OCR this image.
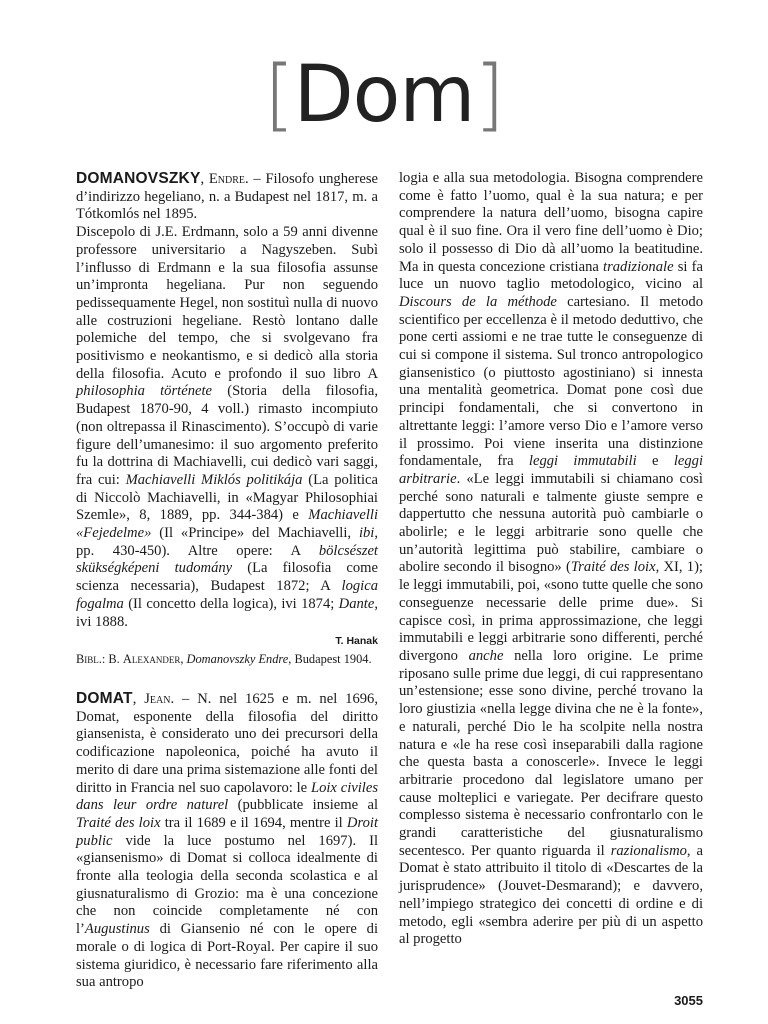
[Dom]

DOMANOVSZKY, Endre. – Filosofo ungherese d’indirizzo hegeliano, n. a Budapest nel 1817, m. a Tótkomlós nel 1895.

Discepolo di J.E. Erdmann, solo a 59 anni divenne professore universitario a Nagyszeben. Subì l’influsso di Erdmann e la sua filosofia assunse un’impronta hegeliana. Pur non seguendo pedissequamente Hegel, non sostituì nulla di nuovo alle costruzioni hegeliane. Restò lontano dalle polemiche del tempo, che si svolgevano fra positivismo e neokantismo, e si dedicò alla storia della filosofia. Acuto e profondo il suo libro A philosophia története (Storia della filosofia, Budapest 1870-90, 4 voll.) rimasto incompiuto (non oltrepassa il Rinascimento). S’occupò di varie figure dell’umanesimo: il suo argomento preferito fu la dottrina di Machiavelli, cui dedicò vari saggi, fra cui: Machiavelli Miklós politikája (La politica di Niccolò Machiavelli, in «Magyar Philosophiai Szemle», 8, 1889, pp. 344-384) e Machiavelli «Fejedelme» (Il «Principe» del Machiavelli, ibi, pp. 430-450). Altre opere: A bölcsészet skükségképeni tudomány (La filosofia come scienza necessaria), Budapest 1872; A logica fogalma (Il concetto della logica), ivi 1874; Dante, ivi 1888.

T. Hanak

Bibl.: B. Alexander, Domanovszky Endre, Budapest 1904.

DOMAT, Jean. – N. nel 1625 e m. nel 1696, Domat, esponente della filosofia del diritto giansenista, è considerato uno dei precursori della codificazione napoleonica, poiché ha avuto il merito di dare una prima sistemazione alle fonti del diritto in Francia nel suo capolavoro: le Loix civiles dans leur ordre naturel (pubblicate insieme al Traité des loix tra il 1689 e il 1694, mentre il Droit public vide la luce postumo nel 1697). Il «giansenismo» di Domat si colloca idealmente di fronte alla teologia della seconda scolastica e al giusnaturalismo di Grozio: ma è una concezione che non coincide completamente né con l’Augustinus di Giansenio né con le opere di morale o di logica di Port-Royal. Per capire il suo sistema giuridico, è necessario fare riferimento alla sua antropo

logia e alla sua metodologia. Bisogna comprendere come è fatto l’uomo, qual è la sua natura; e per comprendere la natura dell’uomo, bisogna capire qual è il suo fine. Ora il vero fine dell’uomo è Dio; solo il possesso di Dio dà all’uomo la beatitudine. Ma in questa concezione cristiana tradizionale si fa luce un nuovo taglio metodologico, vicino al Discours de la méthode cartesiano. Il metodo scientifico per eccellenza è il metodo deduttivo, che pone certi assiomi e ne trae tutte le conseguenze di cui si compone il sistema. Sul tronco antropologico giansenistico (o piuttosto agostiniano) si innesta una mentalità geometrica. Domat pone così due principi fondamentali, che si convertono in altrettante leggi: l’amore verso Dio e l’amore verso il prossimo. Poi viene inserita una distinzione fondamentale, fra leggi immutabili e leggi arbitrarie. «Le leggi immutabili si chiamano così perché sono naturali e talmente giuste sempre e dappertutto che nessuna autorità può cambiarle o abolirle; e le leggi arbitrarie sono quelle che un’autorità legittima può stabilire, cambiare o abolire secondo il bisogno» (Traité des loix, XI, 1); le leggi immutabili, poi, «sono tutte quelle che sono conseguenze necessarie delle prime due». Si capisce così, in prima approssimazione, che leggi immutabili e leggi arbitrarie sono differenti, perché divergono anche nella loro origine. Le prime riposano sulle prime due leggi, di cui rappresentano un’estensione; esse sono divine, perché trovano la loro giustizia «nella legge divina che ne è la fonte», e naturali, perché Dio le ha scolpite nella nostra natura e «le ha rese così inseparabili dalla ragione che questa basta a conoscerle». Invece le leggi arbitrarie procedono dal legislatore umano per cause molteplici e variegate. Per decifrare questo complesso sistema è necessario confrontarlo con le grandi caratteristiche del giusnaturalismo secentesco. Per quanto riguarda il razionalismo, a Domat è stato attribuito il titolo di «Descartes de la jurisprudence» (Jouvet-Desmarand); e davvero, nell’impiego strategico dei concetti di ordine e di metodo, egli «sembra aderire per più di un aspetto al progetto

3055
